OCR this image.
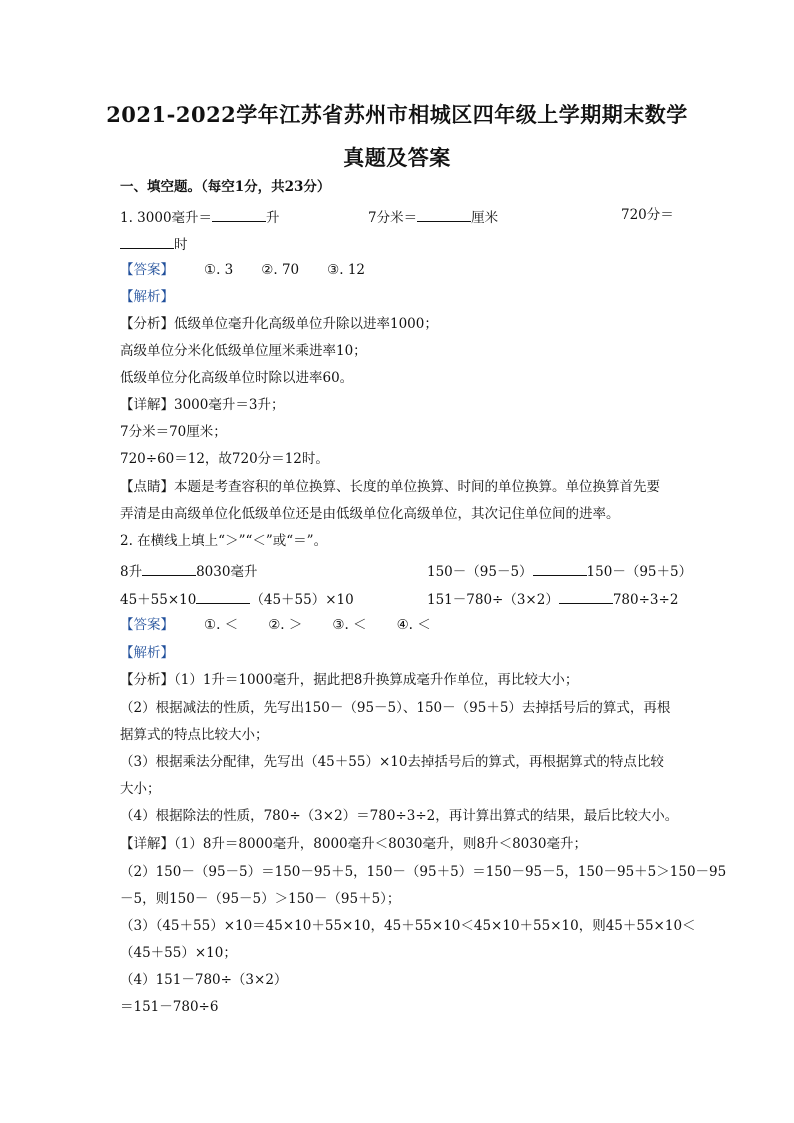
2021-2022学年江苏省苏州市相城区四年级上学期期末数学
真题及答案
一、填空题。（每空1分，共23分）
1. 3000毫升＝	升	7分米＝	厘米	720分＝
时
【答案】 ①. 3 ②. 70 ③. 12
【解析】
【分析】低级单位毫升化高级单位升除以进率1000；
高级单位分米化低级单位厘米乘进率10；
低级单位分化高级单位时除以进率60。
【详解】3000毫升＝3升；
7分米＝70厘米；
720÷60＝12，故720分＝12时。
【点睛】本题是考查容积的单位换算、长度的单位换算、时间的单位换算。单位换算首先要
弄清是由高级单位化低级单位还是由低级单位化高级单位，其次记住单位间的进率。
2. 在横线上填上“＞”“＜”或“＝”。
8升	8030毫升	150－（95－5）	150－（95＋5）
45＋55×10	（45＋55）×10	151－780÷（3×2）	780÷3÷2
【答案】 ①. ＜ ②. ＞ ③. ＜ ④. ＜
【解析】
【分析】（1）1升＝1000毫升，据此把8升换算成毫升作单位，再比较大小；
（2）根据减法的性质，先写出150－（95－5）、150－（95＋5）去掉括号后的算式，再根
据算式的特点比较大小；
（3）根据乘法分配律，先写出（45＋55）×10去掉括号后的算式，再根据算式的特点比较
大小；
（4）根据除法的性质，780÷（3×2）＝780÷3÷2，再计算出算式的结果，最后比较大小。
【详解】（1）8升＝8000毫升，8000毫升＜8030毫升，则8升＜8030毫升；
（2）150－（95－5）＝150－95＋5，150－（95＋5）＝150－95－5，150－95＋5＞150－95
－5，则150－（95－5）＞150－（95＋5）；
（3）（45＋55）×10＝45×10＋55×10，45＋55×10＜45×10＋55×10，则45＋55×10＜
（45＋55）×10；
（4）151－780÷（3×2）
＝151－780÷6
